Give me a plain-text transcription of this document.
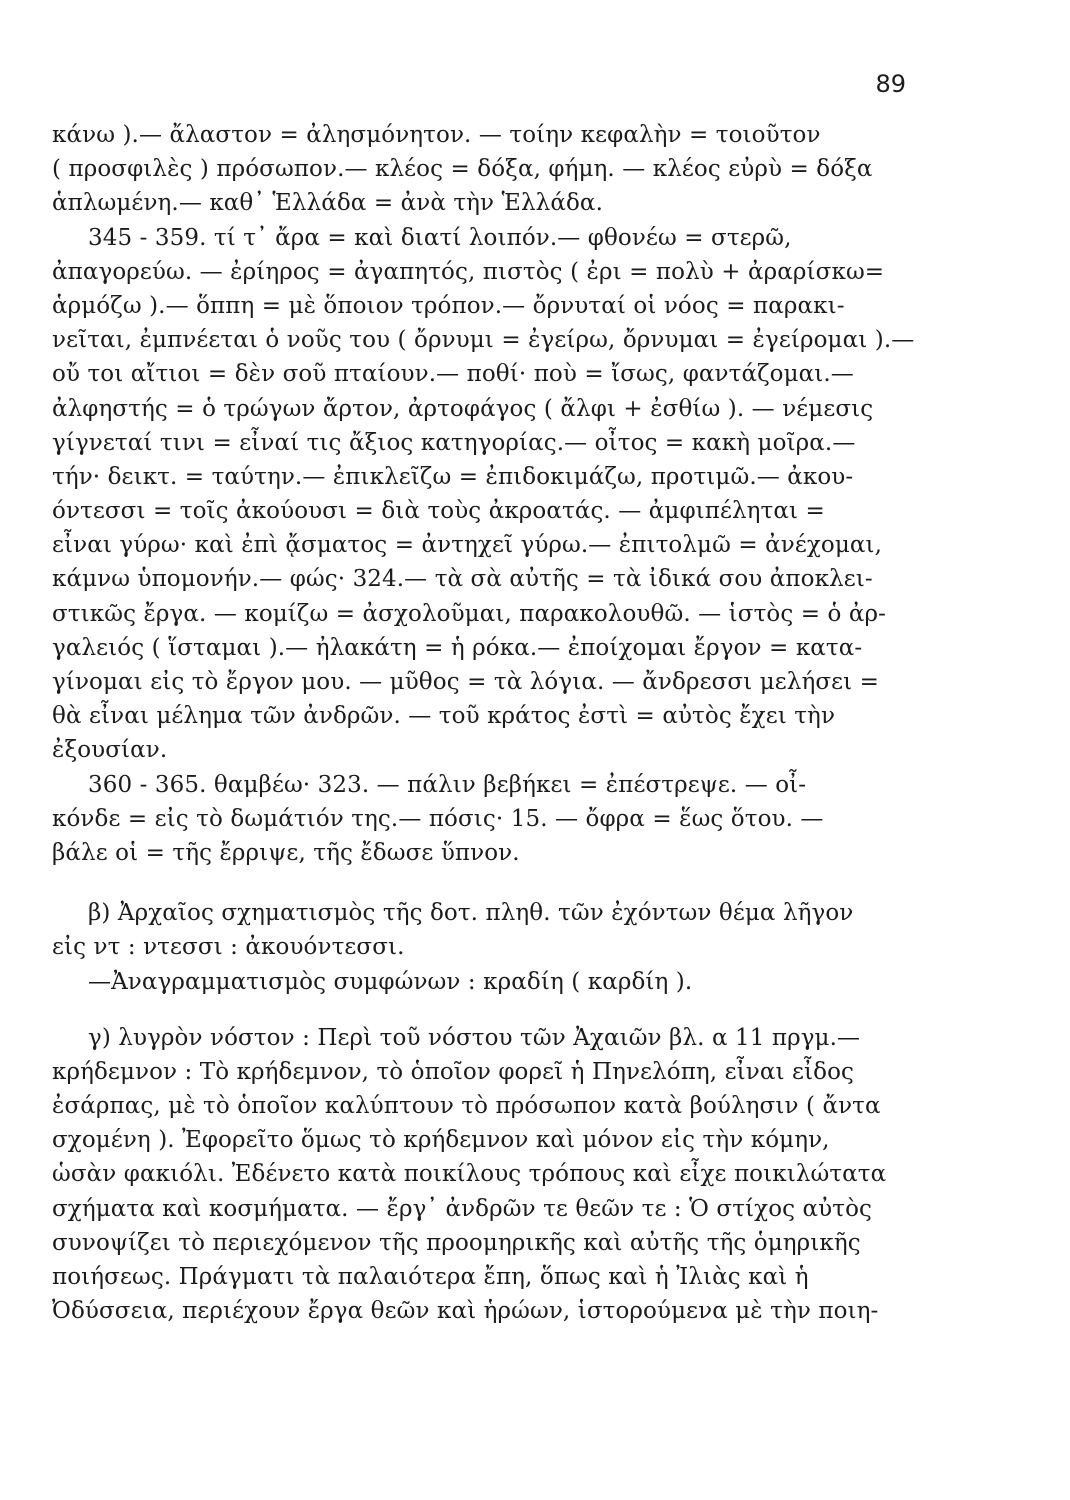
89
κάνω ).— ἄλαστον = ἀλησμόνητον. — τοίην κεφαλὴν = τοιοῦτον
( προσφιλὲς ) πρόσωπον.— κλέος = δόξα, φήμη. — κλέος εὐρὺ = δόξα
ἁπλωμένη.— καθ᾽ Ἑλλάδα = ἀνὰ τὴν Ἑλλάδα.
345 - 359. τί τ᾽ ἄρα = καὶ διατί λοιπόν.— φθονέω = στερῶ,
ἀπαγορεύω. — ἐρίηρος = ἀγαπητός, πιστὸς ( ἐρι = πολὺ + ἀραρίσκω=
ἁρμόζω ).— ὅππη = μὲ ὅποιον τρόπον.— ὄρνυταί οἱ νόος = παρακι-
νεῖται, ἐμπνέεται ὁ νοῦς του ( ὄρνυμι = ἐγείρω, ὄρνυμαι = ἐγείρομαι ).—
οὔ τοι αἴτιοι = δὲν σοῦ πταίουν.— ποθί· ποὺ = ἴσως, φαντάζομαι.—
ἀλφηστής = ὁ τρώγων ἄρτον, ἀρτοφάγος ( ἄλφι + ἐσθίω ). — νέμεσις
γίγνεταί τινι = εἶναί τις ἄξιος κατηγορίας.— οἶτος = κακὴ μοῖρα.—
τήν· δεικτ. = ταύτην.— ἐπικλεῖζω = ἐπιδοκιμάζω, προτιμῶ.— ἀκου-
όντεσσι = τοῖς ἀκούουσι = διὰ τοὺς ἀκροατάς. — ἀμφιπέληται =
εἶναι γύρω· καὶ ἐπὶ ᾄσματος = ἀντηχεῖ γύρω.— ἐπιτολμῶ = ἀνέχομαι,
κάμνω ὑπομονήν.— φώς· 324.— τὰ σὰ αὐτῆς = τὰ ἰδικά σου ἀποκλει-
στικῶς ἔργα. — κομίζω = ἀσχολοῦμαι, παρακολουθῶ. — ἱστὸς = ὁ ἀρ-
γαλειός ( ἵσταμαι ).— ἠλακάτη = ἡ ρόκα.— ἐποίχομαι ἔργον = κατα-
γίνομαι εἰς τὸ ἔργον μου. — μῦθος = τὰ λόγια. — ἄνδρεσσι μελήσει =
θὰ εἶναι μέλημα τῶν ἀνδρῶν. — τοῦ κράτος ἐστὶ = αὐτὸς ἔχει τὴν
ἐξουσίαν.
360 - 365. θαμβέω· 323. — πάλιν βεβήκει = ἐπέστρεψε. — οἶ-
κόνδε = εἰς τὸ δωμάτιόν της.— πόσις· 15. — ὄφρα = ἕως ὅτου. —
βάλε οἱ = τῆς ἔρριψε, τῆς ἔδωσε ὕπνον.
β) Ἀρχαῖος σχηματισμὸς τῆς δοτ. πληθ. τῶν ἐχόντων θέμα λῆγον
εἰς ντ : ντεσσι : ἀκουόντεσσι.
—Ἀναγραμματισμὸς συμφώνων : κραδίη ( καρδίη ).
γ) λυγρὸν νόστον : Περὶ τοῦ νόστου τῶν Ἀχαιῶν βλ. α 11 πργμ.—
κρήδεμνον : Τὸ κρήδεμνον, τὸ ὁποῖον φορεῖ ἡ Πηνελόπη, εἶναι εἶδος
ἐσάρπας, μὲ τὸ ὁποῖον καλύπτουν τὸ πρόσωπον κατὰ βούλησιν ( ἄντα
σχομένη ). Ἐφορεῖτο ὅμως τὸ κρήδεμνον καὶ μόνον εἰς τὴν κόμην,
ὡσὰν φακιόλι. Ἐδένετο κατὰ ποικίλους τρόπους καὶ εἶχε ποικιλώτατα
σχήματα καὶ κοσμήματα. — ἔργ᾽ ἀνδρῶν τε θεῶν τε : Ὁ στίχος αὐτὸς
συνοψίζει τὸ περιεχόμενον τῆς προομηρικῆς καὶ αὐτῆς τῆς ὁμηρικῆς
ποιήσεως. Πράγματι τὰ παλαιότερα ἔπη, ὅπως καὶ ἡ Ἰλιὰς καὶ ἡ
Ὀδύσσεια, περιέχουν ἔργα θεῶν καὶ ἡρώων, ἱστορούμενα μὲ τὴν ποιη-
